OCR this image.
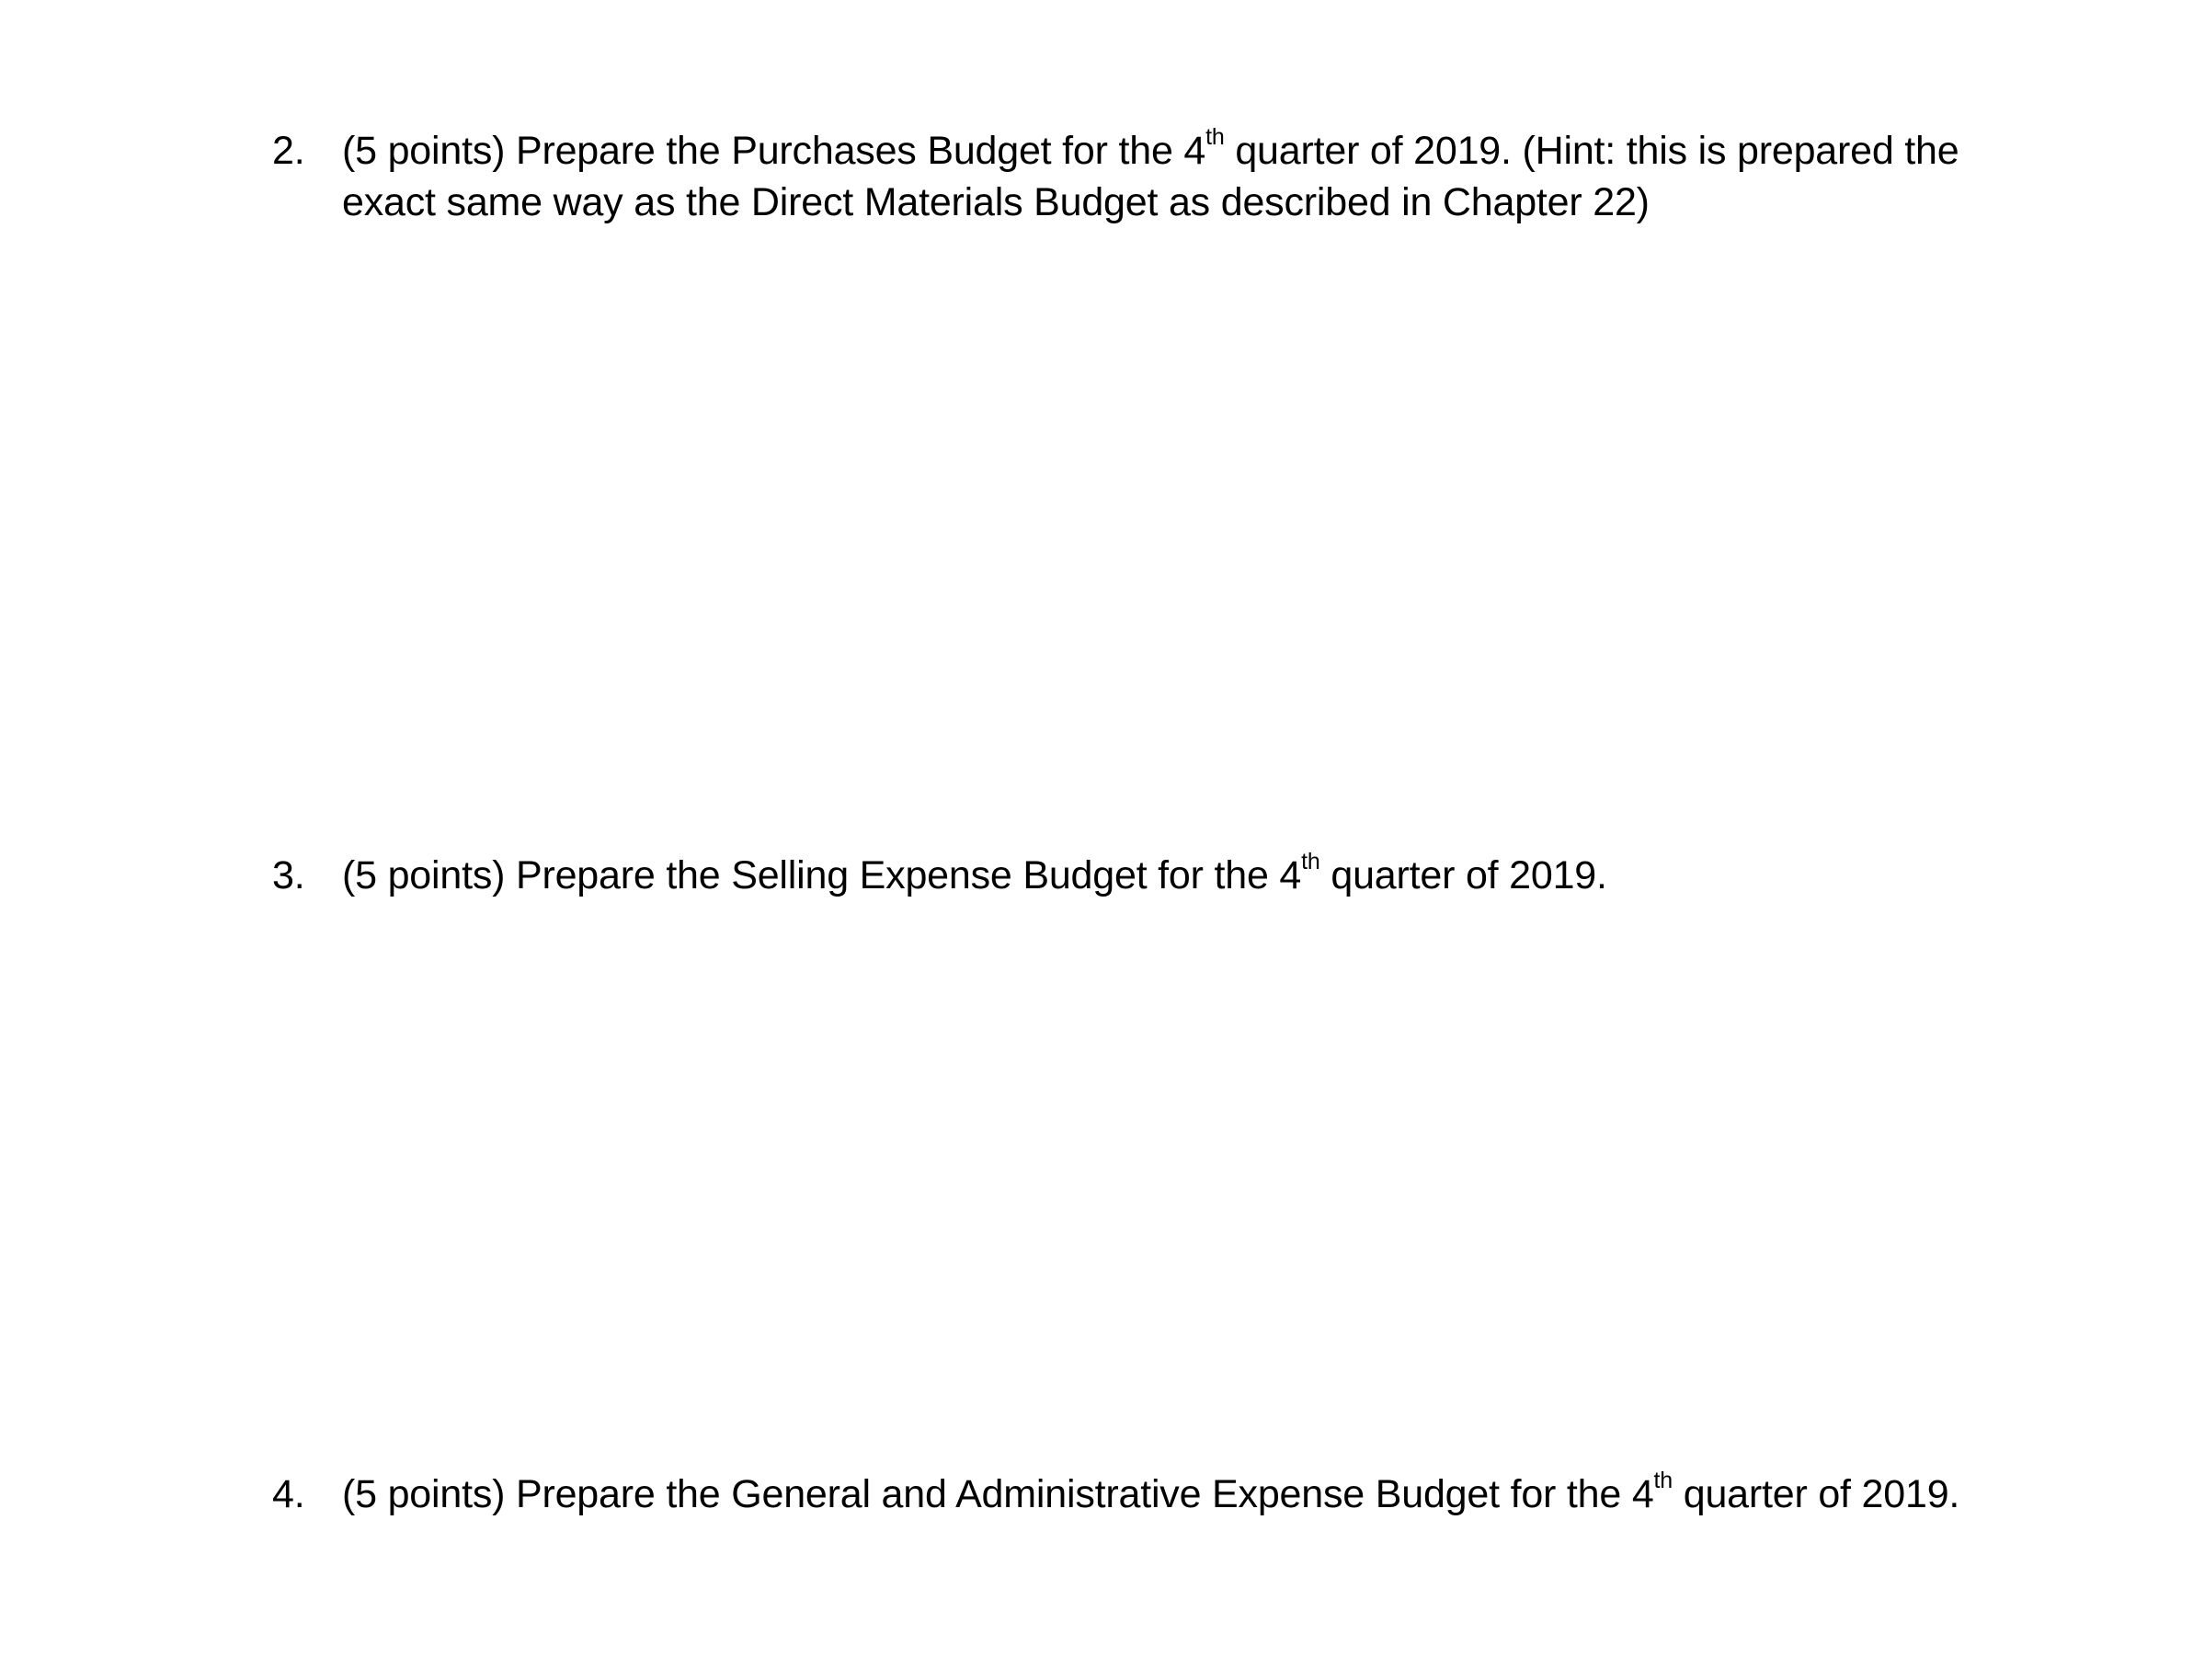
2. (5 points) Prepare the Purchases Budget for the 4th quarter of 2019. (Hint: this is prepared the exact same way as the Direct Materials Budget as described in Chapter 22)
3. (5 points) Prepare the Selling Expense Budget for the 4th quarter of 2019.
4. (5 points) Prepare the General and Administrative Expense Budget for the 4th quarter of 2019.
